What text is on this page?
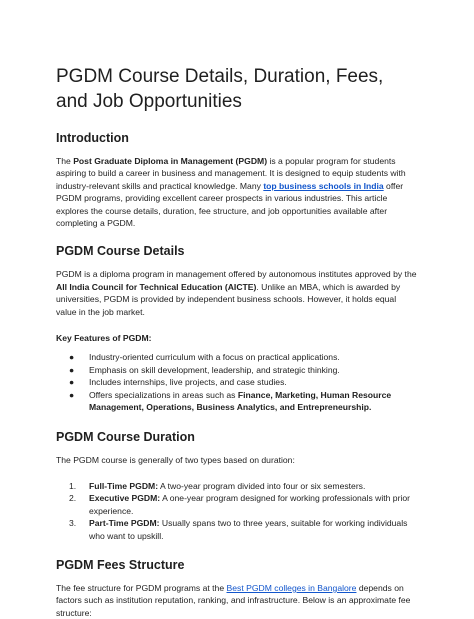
PGDM Course Details, Duration, Fees, and Job Opportunities
Introduction

The Post Graduate Diploma in Management (PGDM) is a popular program for students aspiring to build a career in business and management. It is designed to equip students with industry-relevant skills and practical knowledge. Many top business schools in India offer PGDM programs, providing excellent career prospects in various industries. This article explores the course details, duration, fee structure, and job opportunities available after completing a PGDM.

PGDM Course Details

PGDM is a diploma program in management offered by autonomous institutes approved by the All India Council for Technical Education (AICTE). Unlike an MBA, which is awarded by universities, PGDM is provided by independent business schools. However, it holds equal value in the job market.

Key Features of PGDM:
● Industry-oriented curriculum with a focus on practical applications.
● Emphasis on skill development, leadership, and strategic thinking.
● Includes internships, live projects, and case studies.
● Offers specializations in areas such as Finance, Marketing, Human Resource Management, Operations, Business Analytics, and Entrepreneurship.
PGDM Course Duration

The PGDM course is generally of two types based on duration:

1. Full-Time PGDM: A two-year program divided into four or six semesters.
2. Executive PGDM: A one-year program designed for working professionals with prior experience.
3. Part-Time PGDM: Usually spans two to three years, suitable for working individuals who want to upskill.
PGDM Fees Structure

The fee structure for PGDM programs at the Best PGDM colleges in Bangalore depends on factors such as institution reputation, ranking, and infrastructure. Below is an approximate fee structure:
